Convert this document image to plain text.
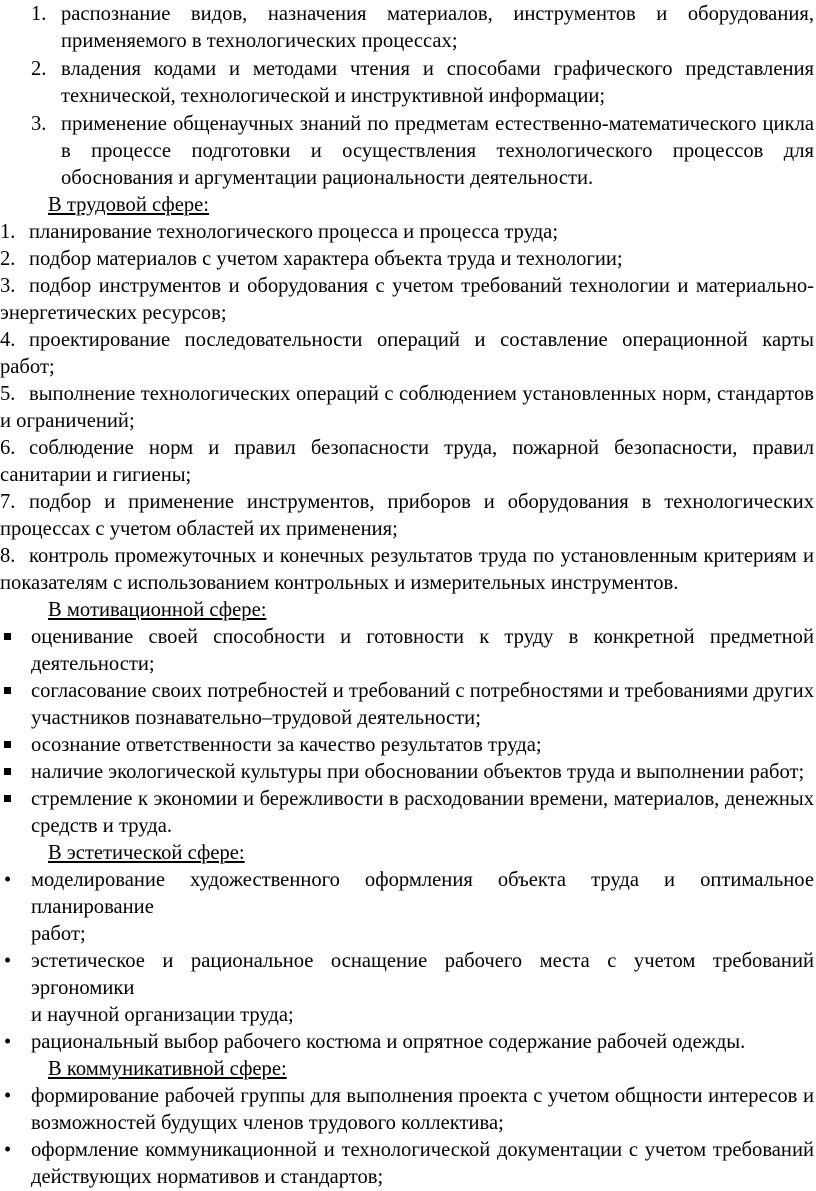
1. распознание видов, назначения материалов, инструментов и оборудования, применяемого в технологических процессах;
2. владения кодами и методами чтения и способами графического представления технической, технологической и инструктивной информации;
3. применение общенаучных знаний по предметам естественно-математического цикла в процессе подготовки и осуществления технологического процессов для обоснования и аргументации рациональности деятельности.
В трудовой сфере:
1. планирование технологического процесса и процесса труда;
2. подбор материалов с учетом характера объекта труда и технологии;
3. подбор инструментов и оборудования с учетом требований технологии и материально-энергетических ресурсов;
4. проектирование последовательности операций и составление операционной карты работ;
5. выполнение технологических операций с соблюдением установленных норм, стандартов и ограничений;
6. соблюдение норм и правил безопасности труда, пожарной безопасности, правил санитарии и гигиены;
7. подбор и применение инструментов, приборов и оборудования в технологических процессах с учетом областей их применения;
8. контроль промежуточных и конечных результатов труда по установленным критериям и показателям с использованием контрольных и измерительных инструментов.
В мотивационной сфере:
оценивание своей способности и готовности к труду в конкретной предметной
деятельности;
согласование своих потребностей и требований с потребностями и требованиями других
участников познавательно–трудовой деятельности;
осознание ответственности за качество результатов труда;
наличие экологической культуры при обосновании объектов труда и выполнении работ;
стремление к экономии и бережливости в расходовании времени, материалов, денежных
средств и труда.
В эстетической сфере:
• моделирование художественного оформления объекта труда и оптимальное планирование
работ;
• эстетическое и рациональное оснащение рабочего места с учетом требований эргономики
и научной организации труда;
• рациональный выбор рабочего костюма и опрятное содержание рабочей одежды.
В коммуникативной сфере:
• формирование рабочей группы для выполнения проекта с учетом общности интересов и
возможностей будущих членов трудового коллектива;
• оформление коммуникационной и технологической документации с учетом требований
действующих нормативов и стандартов;
